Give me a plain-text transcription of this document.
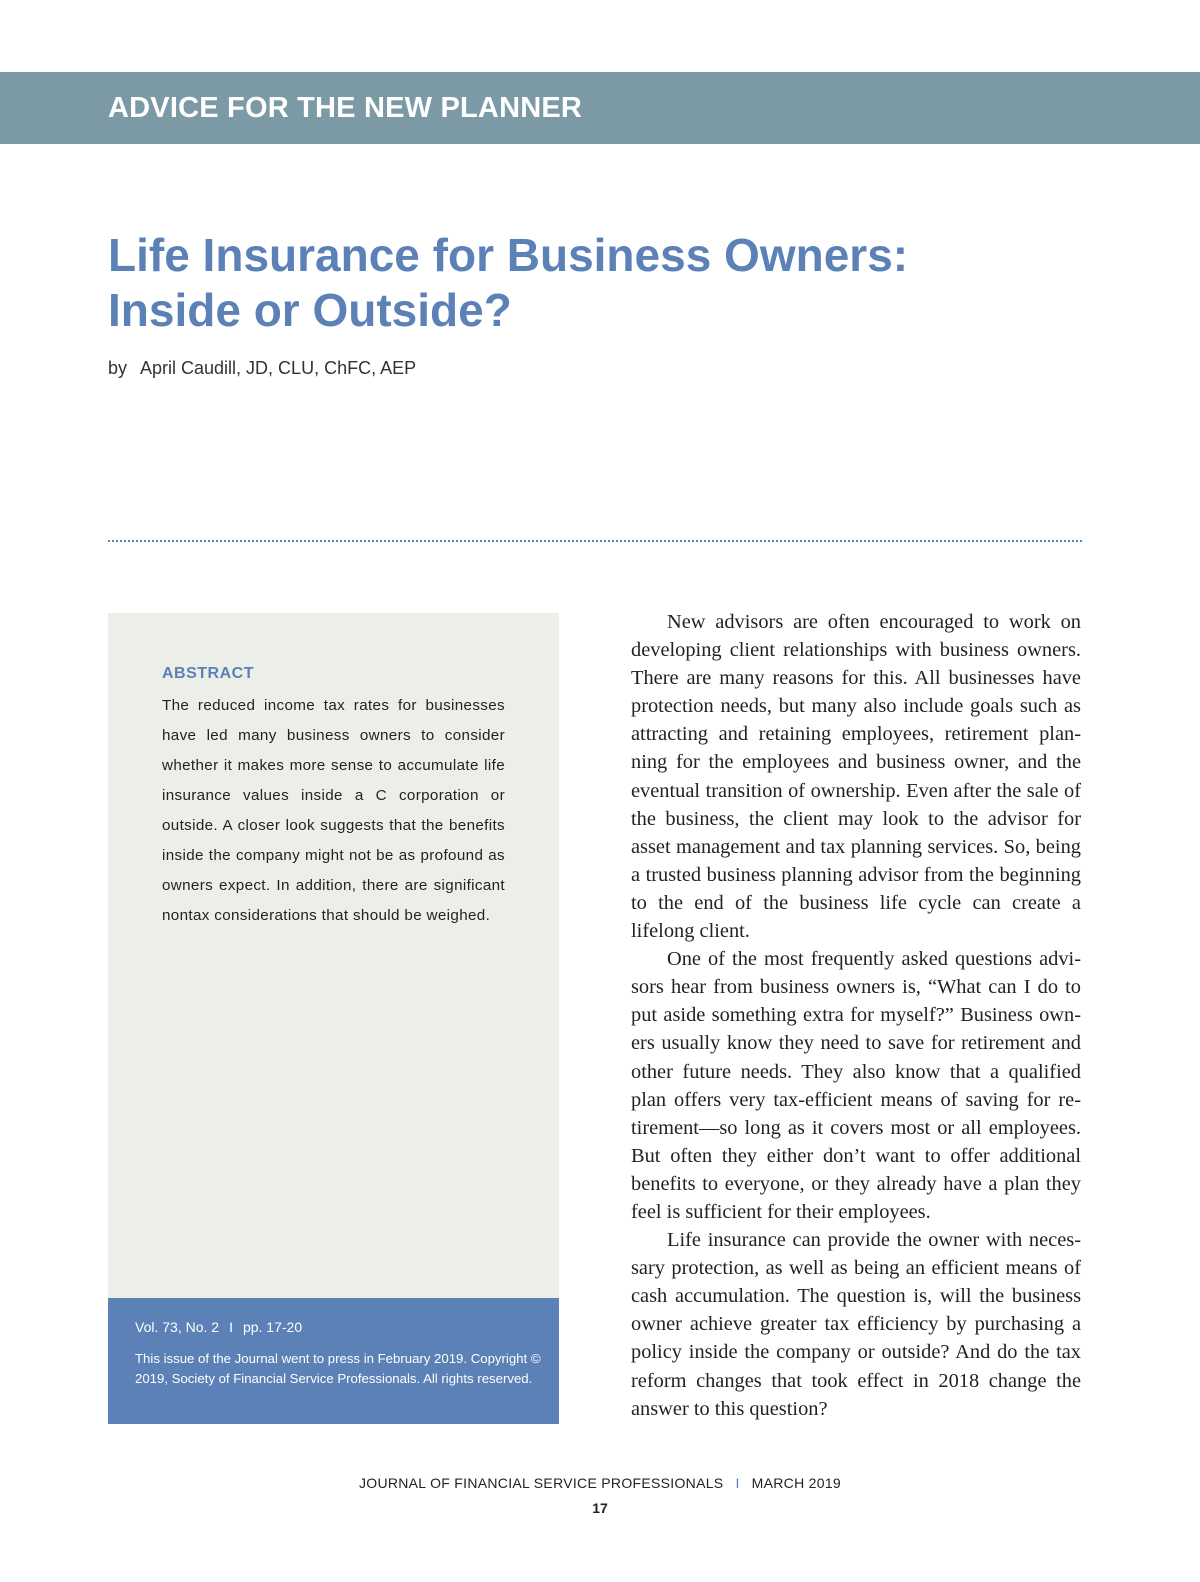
ADVICE FOR THE NEW PLANNER
Life Insurance for Business Owners:
Inside or Outside?
by April Caudill, JD, CLU, ChFC, AEP
ABSTRACT

The reduced income tax rates for businesses have led many business owners to consider whether it makes more sense to accumulate life insurance values inside a C corporation or outside. A closer look suggests that the benefits inside the company might not be as profound as owners expect. In addition, there are significant nontax considerations that should be weighed.

Vol. 73, No. 2 I pp. 17-20

This issue of the Journal went to press in February 2019. Copyright © 2019, Society of Financial Service Professionals. All rights reserved.

New advisors are often encouraged to work on developing client relationships with business owners. There are many reasons for this. All businesses have protection needs, but many also include goals such as attracting and retaining employees, retirement planning for the employees and business owner, and the eventual transition of ownership. Even after the sale of the business, the client may look to the advisor for asset management and tax planning services. So, being a trusted business planning advisor from the beginning to the end of the business life cycle can create a lifelong client.

One of the most frequently asked questions advisors hear from business owners is, “What can I do to put aside something extra for myself?” Business owners usually know they need to save for retirement and other future needs. They also know that a qualified plan offers very tax-efficient means of saving for retirement—so long as it covers most or all employees. But often they either don’t want to offer additional benefits to everyone, or they already have a plan they feel is sufficient for their employees.

Life insurance can provide the owner with necessary protection, as well as being an efficient means of cash accumulation. The question is, will the business owner achieve greater tax efficiency by purchasing a policy inside the company or outside? And do the tax reform changes that took effect in 2018 change the answer to this question?

JOURNAL OF FINANCIAL SERVICE PROFESSIONALS I MARCH 2019
17
